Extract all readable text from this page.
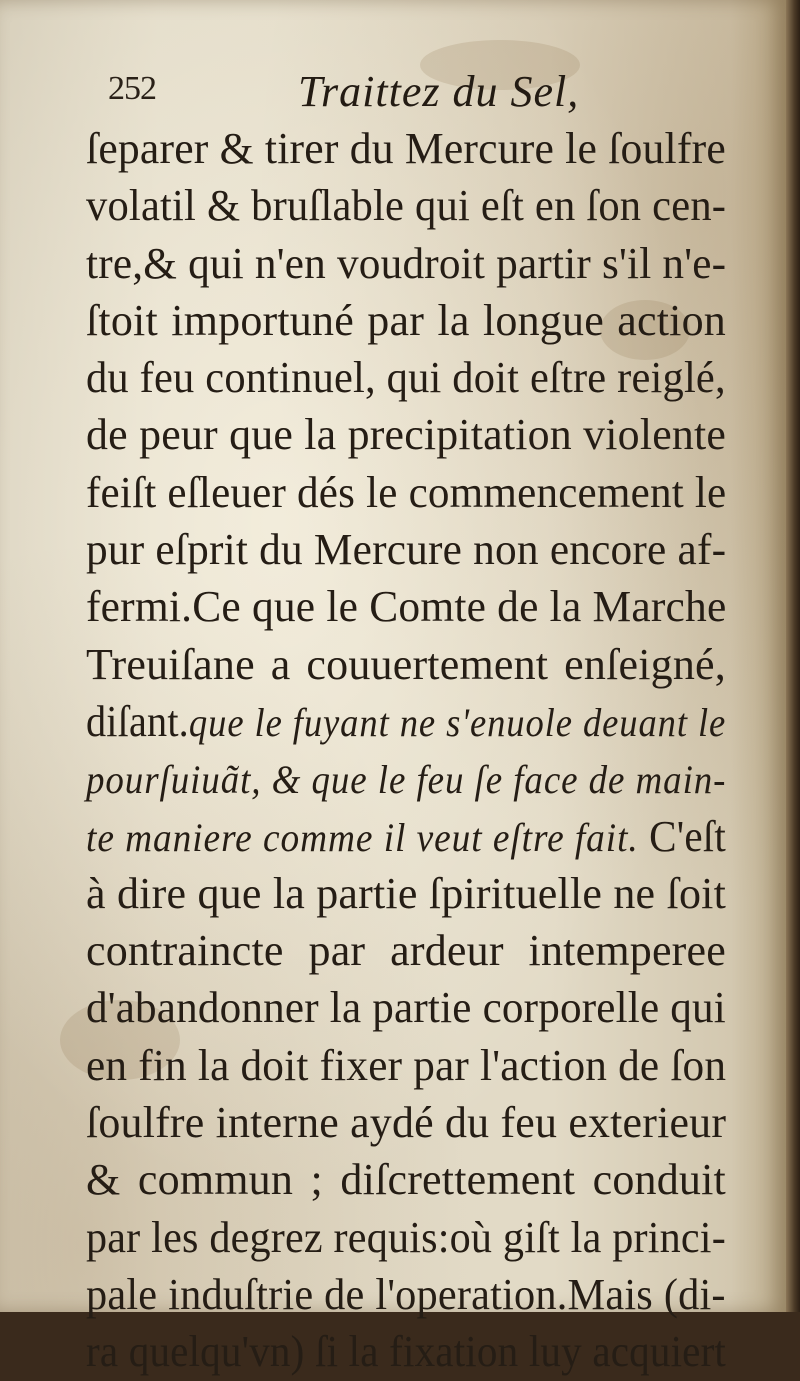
252	Traittez du Sel,
ſeparer & tirer du Mercure le ſoulfre
volatil & bruſlable qui eſt en ſon cen-
tre,& qui n'en voudroit partir s'il n'e-
ſtoit importuné par la longue action
du feu continuel, qui doit eſtre reiglé,
de peur que la precipitation violente
feiſt eſleuer dés le commencement le
pur eſprit du Mercure non encore af-
fermi.Ce que le Comte de la Marche
Treuiſane a couuertement enſeigné,
diſant.que le fuyant ne s'enuole deuant le
pourſuiuãt, & que le feu ſe face de main-
te maniere comme il veut eſtre fait. C'eſt
à dire que la partie ſpirituelle ne ſoit
contraincte par ardeur intemperee
d'abandonner la partie corporelle qui
en fin la doit fixer par l'action de ſon
ſoulfre interne aydé du feu exterieur
& commun ; diſcrettement conduit
par les degrez requis:où giſt la princi-
pale induſtrie de l'operation.Mais (di-
ra quelqu'vn) ſi la fixation luy acquiert
